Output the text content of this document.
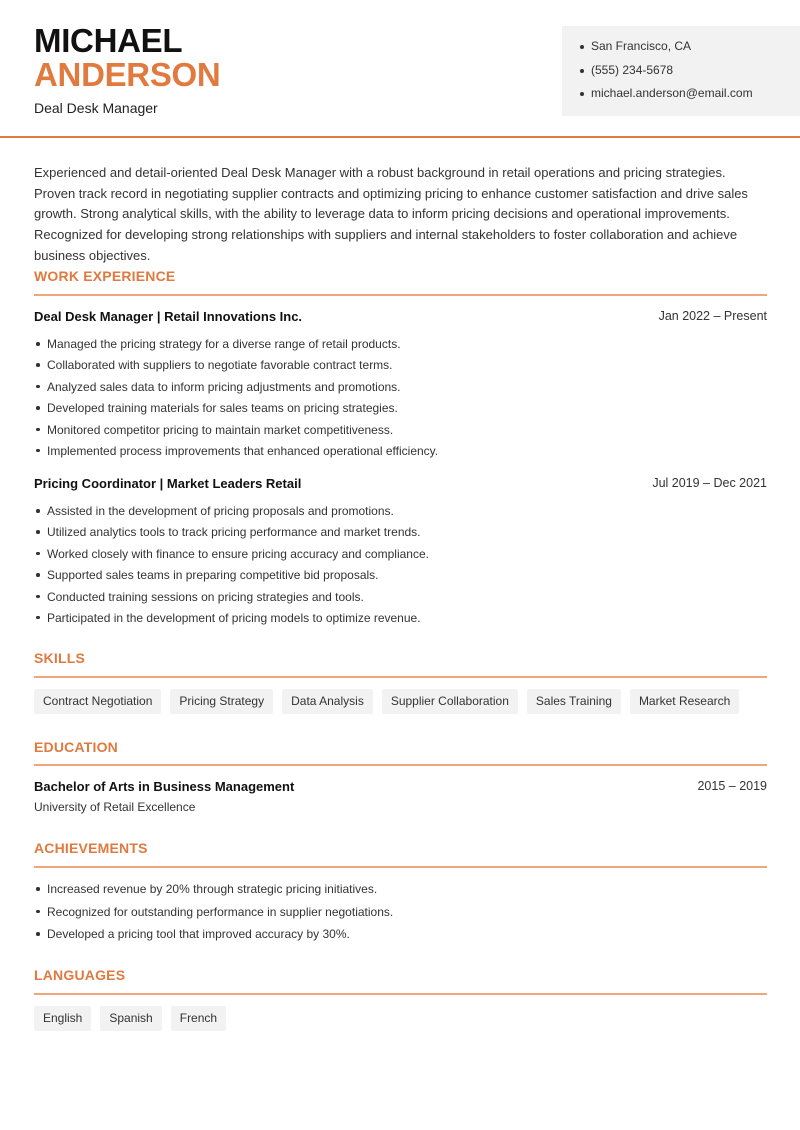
MICHAEL
ANDERSON
Deal Desk Manager
San Francisco, CA
(555) 234-5678
michael.anderson@email.com
Experienced and detail-oriented Deal Desk Manager with a robust background in retail operations and pricing strategies. Proven track record in negotiating supplier contracts and optimizing pricing to enhance customer satisfaction and drive sales growth. Strong analytical skills, with the ability to leverage data to inform pricing decisions and operational improvements. Recognized for developing strong relationships with suppliers and internal stakeholders to foster collaboration and achieve business objectives.
WORK EXPERIENCE
Deal Desk Manager | Retail Innovations Inc.	Jan 2022 – Present
Managed the pricing strategy for a diverse range of retail products.
Collaborated with suppliers to negotiate favorable contract terms.
Analyzed sales data to inform pricing adjustments and promotions.
Developed training materials for sales teams on pricing strategies.
Monitored competitor pricing to maintain market competitiveness.
Implemented process improvements that enhanced operational efficiency.
Pricing Coordinator | Market Leaders Retail	Jul 2019 – Dec 2021
Assisted in the development of pricing proposals and promotions.
Utilized analytics tools to track pricing performance and market trends.
Worked closely with finance to ensure pricing accuracy and compliance.
Supported sales teams in preparing competitive bid proposals.
Conducted training sessions on pricing strategies and tools.
Participated in the development of pricing models to optimize revenue.
SKILLS
Contract Negotiation	Pricing Strategy	Data Analysis	Supplier Collaboration	Sales Training	Market Research
EDUCATION
Bachelor of Arts in Business Management	2015 – 2019
University of Retail Excellence
ACHIEVEMENTS
Increased revenue by 20% through strategic pricing initiatives.
Recognized for outstanding performance in supplier negotiations.
Developed a pricing tool that improved accuracy by 30%.
LANGUAGES
English	Spanish	French
